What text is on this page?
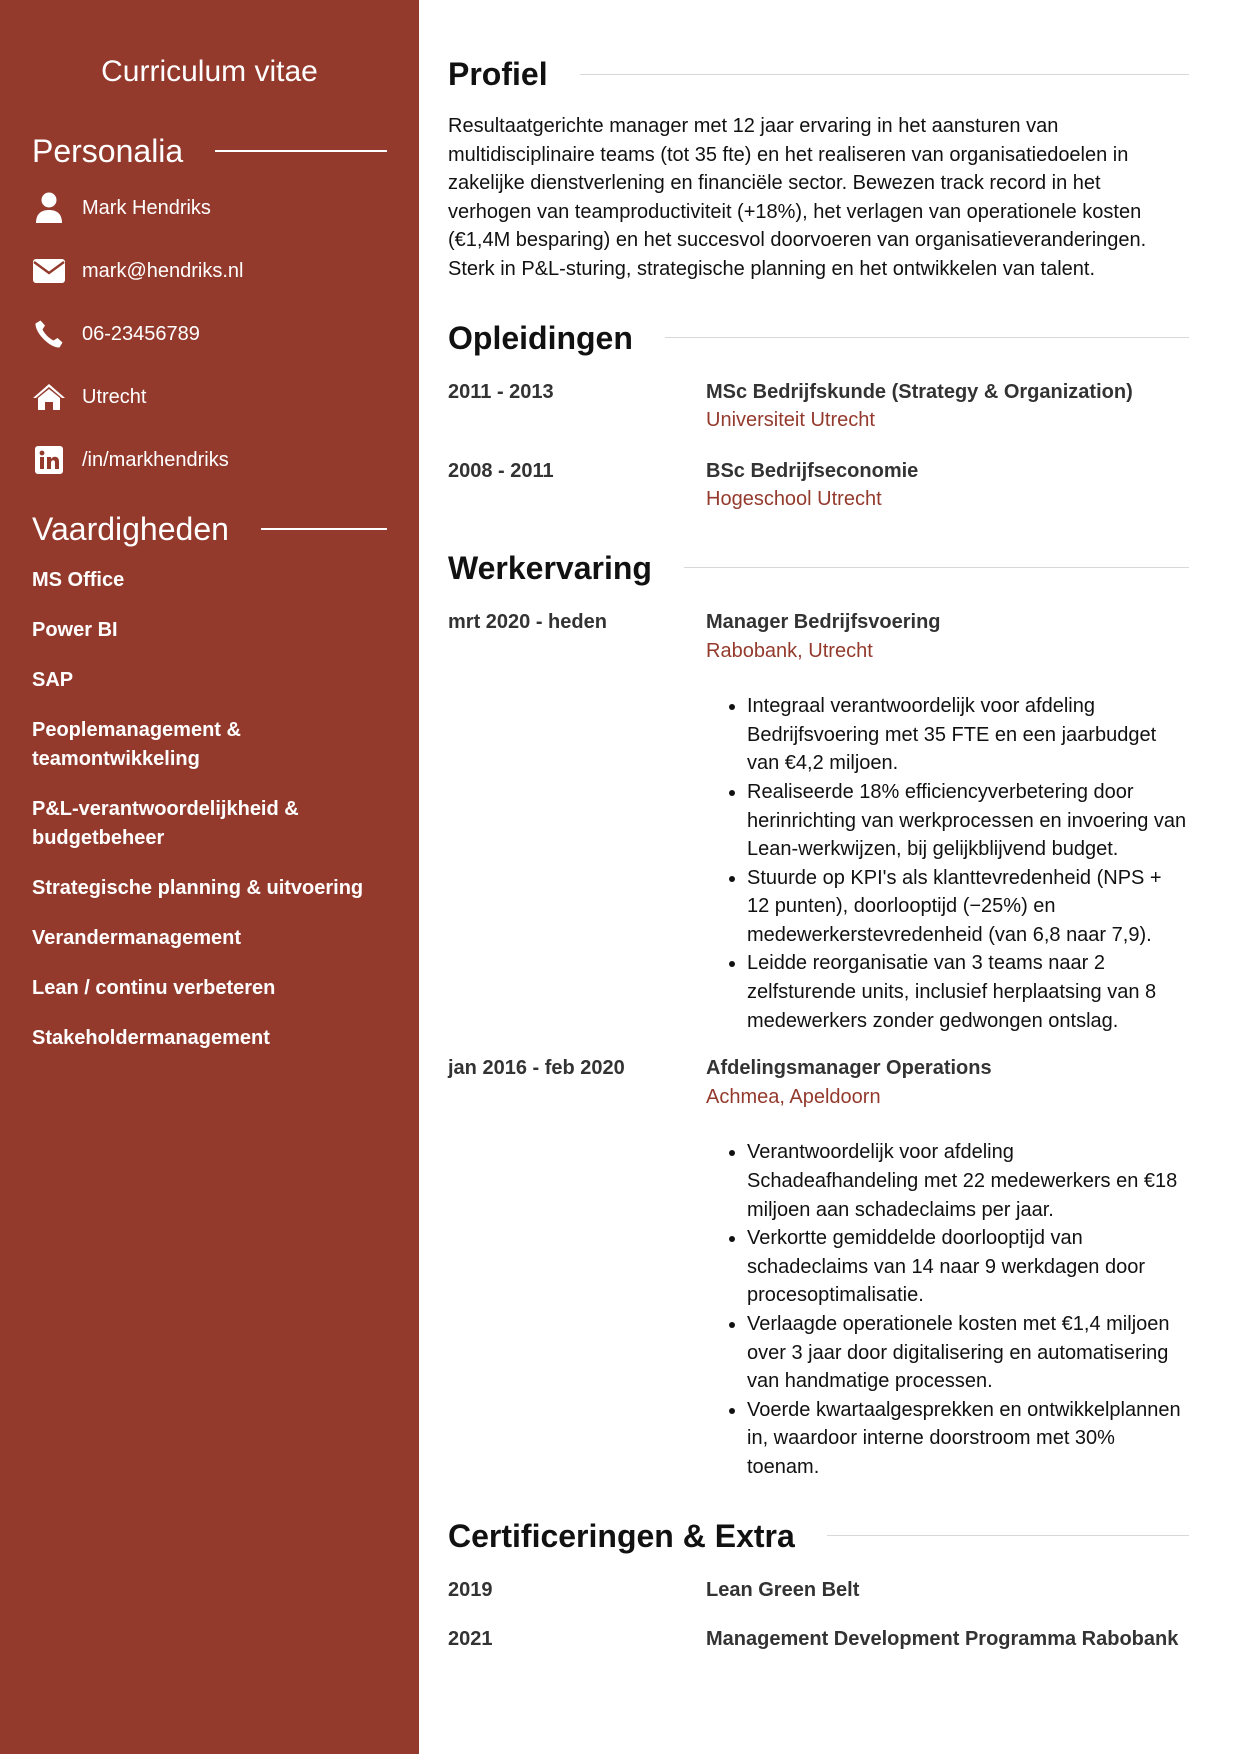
Curriculum vitae
Personalia
Mark Hendriks
mark@hendriks.nl
06-23456789
Utrecht
/in/markhendriks
Vaardigheden
MS Office
Power BI
SAP
Peoplemanagement & teamontwikkeling
P&L-verantwoordelijkheid & budgetbeheer
Strategische planning & uitvoering
Verandermanagement
Lean / continu verbeteren
Stakeholdermanagement
Profiel
Resultaatgerichte manager met 12 jaar ervaring in het aansturen van multidisciplinaire teams (tot 35 fte) en het realiseren van organisatiedoelen in zakelijke dienstverlening en financiële sector. Bewezen track record in het verhogen van teamproductiviteit (+18%), het verlagen van operationele kosten (€1,4M besparing) en het succesvol doorvoeren van organisatieveranderingen. Sterk in P&L-sturing, strategische planning en het ontwikkelen van talent.
Opleidingen
2011 - 2013	MSc Bedrijfskunde (Strategy & Organization)
Universiteit Utrecht
2008 - 2011	BSc Bedrijfseconomie
Hogeschool Utrecht
Werkervaring
mrt 2020 - heden	Manager Bedrijfsvoering
Rabobank, Utrecht
• Integraal verantwoordelijk voor afdeling Bedrijfsvoering met 35 FTE en een jaarbudget van €4,2 miljoen.
• Realiseerde 18% efficiencyverbetering door herinrichting van werkprocessen en invoering van Lean-werkwijzen, bij gelijkblijvend budget.
• Stuurde op KPI's als klanttevredenheid (NPS + 12 punten), doorlooptijd (−25%) en medewerkerstevredenheid (van 6,8 naar 7,9).
• Leidde reorganisatie van 3 teams naar 2 zelfsturende units, inclusief herplaatsing van 8 medewerkers zonder gedwongen ontslag.
jan 2016 - feb 2020	Afdelingsmanager Operations
Achmea, Apeldoorn
• Verantwoordelijk voor afdeling Schadeafhandeling met 22 medewerkers en €18 miljoen aan schadeclaims per jaar.
• Verkortte gemiddelde doorlooptijd van schadeclaims van 14 naar 9 werkdagen door procesoptimalisatie.
• Verlaagde operationele kosten met €1,4 miljoen over 3 jaar door digitalisering en automatisering van handmatige processen.
• Voerde kwartaalgesprekken en ontwikkelplannen in, waardoor interne doorstroom met 30% toenam.
Certificeringen & Extra
2019	Lean Green Belt
2021	Management Development Programma Rabobank
